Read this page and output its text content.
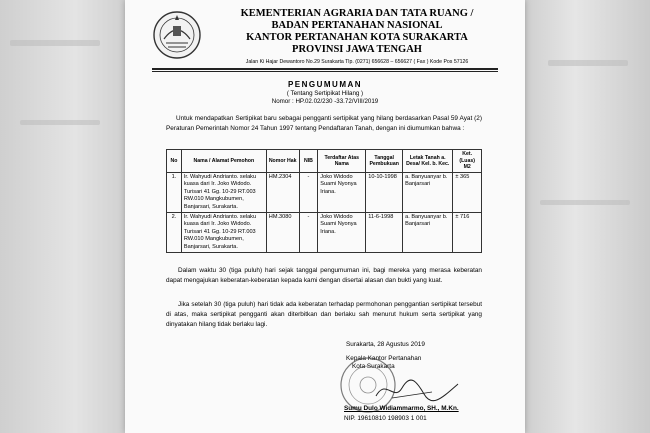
KEMENTERIAN AGRARIA DAN TATA RUANG /
BADAN PERTANAHAN NASIONAL
KANTOR PERTANAHAN KOTA SURAKARTA
PROVINSI JAWA TENGAH
Jalan Ki Hajar Dewantoro No.29 Surakarta Tlp. (0271) 656628 – 656627 ( Fax ) Kode Pos 57126
PENGUMUMAN
( Tentang Sertipikat Hilang )
Nomor : HP.02.02/230 -33.72/VIII/2019
Untuk mendapatkan Sertipikat baru sebagai pengganti sertipikat yang hilang berdasarkan Pasal 59 Ayat (2) Peraturan Pemerintah Nomor 24 Tahun 1997 tentang Pendaftaran Tanah, dengan ini diumumkan bahwa :
No	Nama / Alamat Pemohon	Nomor Hak	NIB	Terdaftar Atas Nama	Tanggal Pembukuan	Letak Tanah a. Desa/ Kel. b. Kec.	Ket. (Luas) M2
1.	Ir. Wahyudi Andrianto. selaku kuasa dari Ir. Joko Widodo. Turisari 41 Gg. 10-29 RT.003 RW.010 Mangkubumen, Banjarsari, Surakarta.	HM.2304	-	Joko Widodo Suami Nyonya Iriana.	10-10-1998	a. Banyuanyar b. Banjarsari	± 365
2.	Ir. Wahyudi Andrianto. selaku kuasa dari Ir. Joko Widodo. Turisari 41 Gg. 10-29 RT.003 RW.010 Mangkubumen, Banjarsari, Surakarta.	HM.3080	-	Joko Widodo Suami Nyonya Iriana.	11-6-1998	a. Banyuanyar b. Banjarsari	± 716
Dalam waktu 30 (tiga puluh) hari sejak tanggal pengumuman ini, bagi mereka yang merasa keberatan dapat mengajukan keberatan-keberatan kepada kami dengan disertai alasan dan bukti yang kuat.
Jika setelah 30 (tiga puluh) hari tidak ada keberatan terhadap permohonan penggantian sertipikat tersebut di atas, maka sertipikat pengganti akan diterbitkan dan berlaku sah menurut hukum serta sertipikat yang dinyatakan hilang tidak berlaku lagi.
Surakarta, 28 Agustus 2019
Kepala Kantor Pertanahan
Kota Surakarta
Sumu Dulo Widiammarmo, SH., M.Kn.
NIP. 19610810 198903 1 001
